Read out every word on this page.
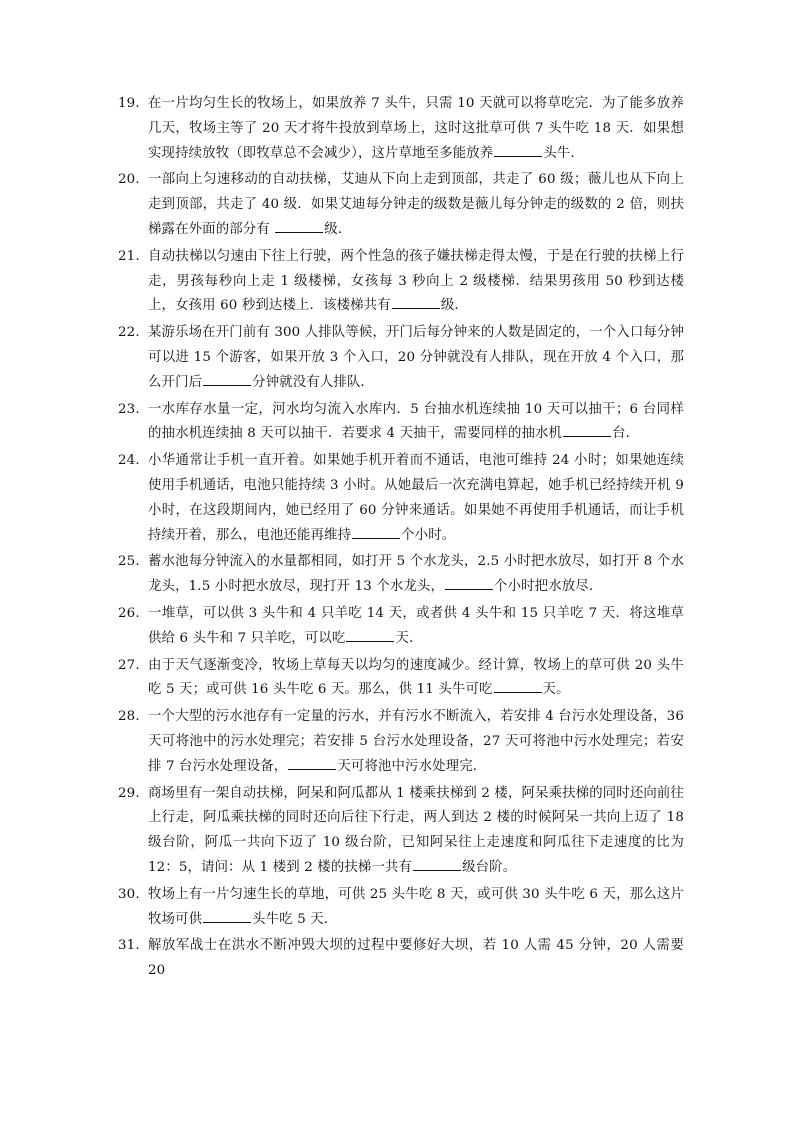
19. 在一片均匀生长的牧场上，如果放养 7 头牛，只需 10 天就可以将草吃完．为了能多放养几天，牧场主等了 20 天才将牛投放到草场上，这时这批草可供 7 头牛吃 18 天．如果想实现持续放牧（即牧草总不会减少），这片草地至多能放养	头牛．
20. 一部向上匀速移动的自动扶梯，艾迪从下向上走到顶部，共走了 60 级；薇儿也从下向上走到顶部，共走了 40 级．如果艾迪每分钟走的级数是薇儿每分钟走的级数的 2 倍，则扶梯露在外面的部分有	级．
21. 自动扶梯以匀速由下往上行驶，两个性急的孩子嫌扶梯走得太慢，于是在行驶的扶梯上行走，男孩每秒向上走 1 级楼梯，女孩每 3 秒向上 2 级楼梯．结果男孩用 50 秒到达楼上，女孩用 60 秒到达楼上．该楼梯共有	级．
22. 某游乐场在开门前有 300 人排队等候，开门后每分钟来的人数是固定的，一个入口每分钟可以进 15 个游客，如果开放 3 个入口，20 分钟就没有人排队，现在开放 4 个入口，那么开门后	分钟就没有人排队．
23. 一水库存水量一定，河水均匀流入水库内．5 台抽水机连续抽 10 天可以抽干；6 台同样的抽水机连续抽 8 天可以抽干．若要求 4 天抽干，需要同样的抽水机	台．
24. 小华通常让手机一直开着。如果她手机开着而不通话，电池可维持 24 小时；如果她连续使用手机通话，电池只能持续 3 小时。从她最后一次充满电算起，她手机已经持续开机 9 小时，在这段期间内，她已经用了 60 分钟来通话。如果她不再使用手机通话，而让手机持续开着，那么，电池还能再维持	个小时。
25. 蓄水池每分钟流入的水量都相同，如打开 5 个水龙头，2.5 小时把水放尽，如打开 8 个水龙头，1.5 小时把水放尽，现打开 13 个水龙头，	个小时把水放尽．
26. 一堆草，可以供 3 头牛和 4 只羊吃 14 天，或者供 4 头牛和 15 只羊吃 7 天．将这堆草供给 6 头牛和 7 只羊吃，可以吃	天．
27. 由于天气逐渐变冷，牧场上草每天以均匀的速度减少。经计算，牧场上的草可供 20 头牛吃 5 天；或可供 16 头牛吃 6 天。那么，供 11 头牛可吃	天。
28. 一个大型的污水池存有一定量的污水，并有污水不断流入，若安排 4 台污水处理设备，36 天可将池中的污水处理完；若安排 5 台污水处理设备，27 天可将池中污水处理完；若安排 7 台污水处理设备，	天可将池中污水处理完．
29. 商场里有一架自动扶梯，阿呆和阿瓜都从 1 楼乘扶梯到 2 楼，阿呆乘扶梯的同时还向前往上行走，阿瓜乘扶梯的同时还向后往下行走，两人到达 2 楼的时候阿呆一共向上迈了 18 级台阶，阿瓜一共向下迈了 10 级台阶，已知阿呆往上走速度和阿瓜往下走速度的比为 12：5，请问：从 1 楼到 2 楼的扶梯一共有	级台阶。
30. 牧场上有一片匀速生长的草地，可供 25 头牛吃 8 天，或可供 30 头牛吃 6 天，那么这片牧场可供	头牛吃 5 天．
31. 解放军战士在洪水不断冲毁大坝的过程中要修好大坝，若 10 人需 45 分钟，20 人需要 20
